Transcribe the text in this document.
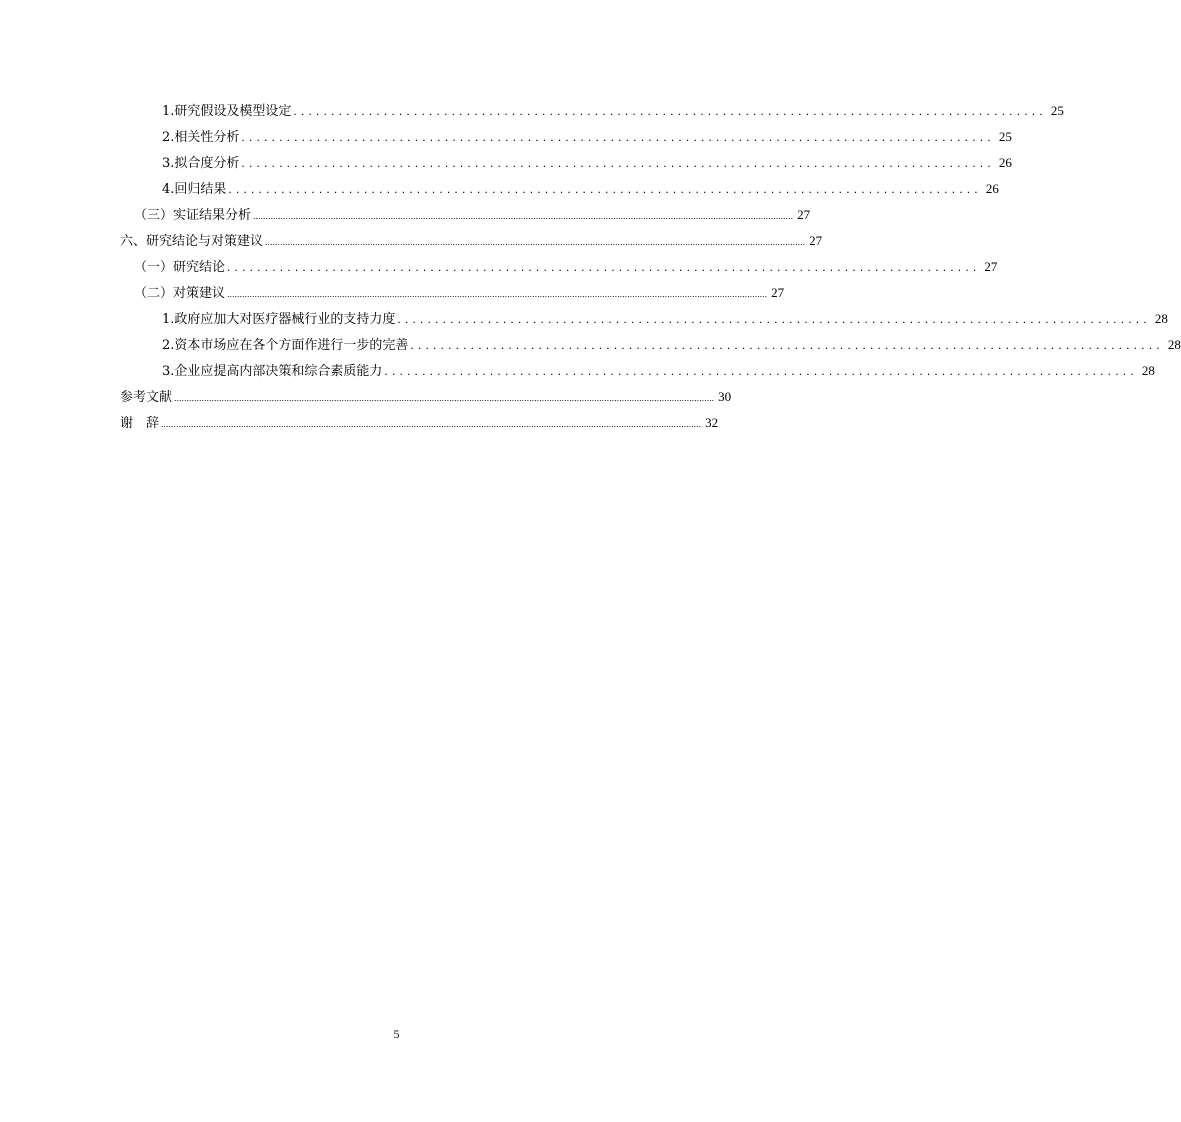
1.研究假设及模型设定 .................................................................................................... 25
2.相关性分析 .................................................................................................... 25
3.拟合度分析 .................................................................................................... 26
4.回归结果 .................................................................................................... 26
（三）实证结果分析 ........................................................................................................................................................................................................................ 27
六、研究结论与对策建议 ........................................................................................................................................................................................................................ 27
（一）研究结论 .................................................................................................... 27
（二）对策建议 ........................................................................................................................................................................................................................ 27
1.政府应加大对医疗器械行业的支持力度 .................................................................................................... 28
2.资本市场应在各个方面作进行一步的完善 .................................................................................................... 28
3.企业应提高内部决策和综合素质能力 .................................................................................................... 28
参考文献 ........................................................................................................................................................................................................................ 30
谢　辞 ........................................................................................................................................................................................................................ 32
5
